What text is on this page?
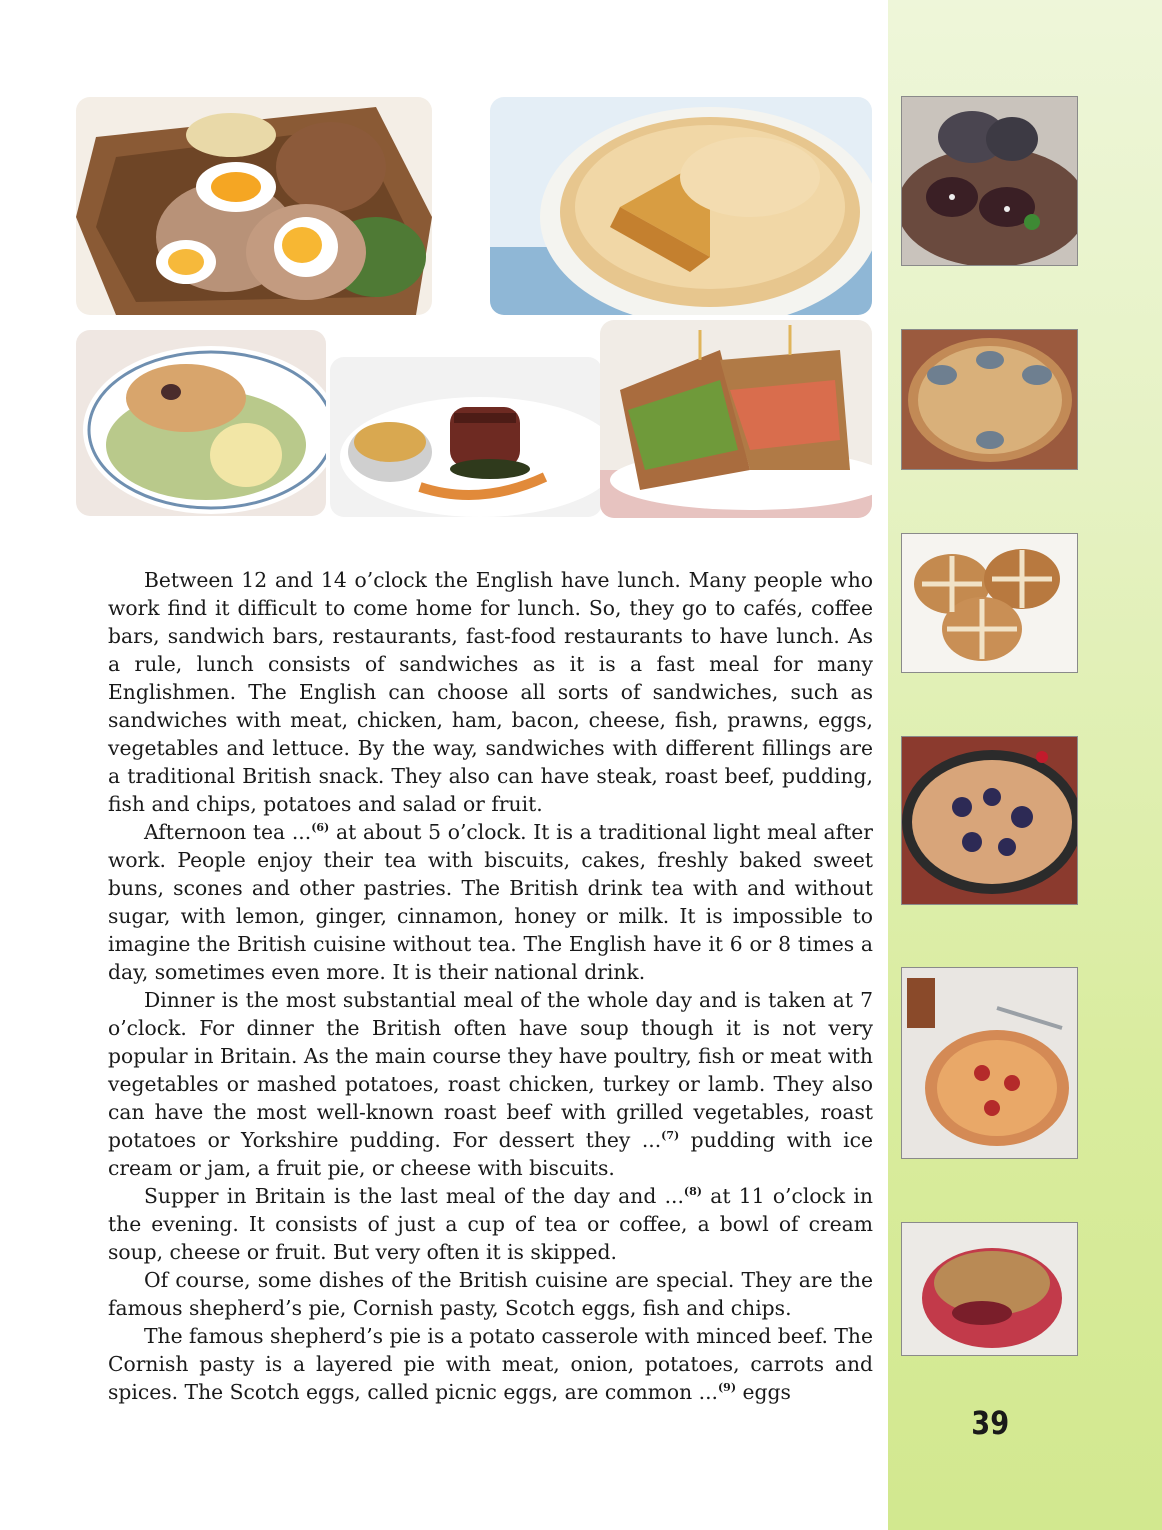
Between 12 and 14 o’clock the English have lunch. Many people who work find it difficult to come home for lunch. So, they go to cafés, coffee bars, sandwich bars, restaurants, fast-food restaurants to have lunch. As a rule, lunch consists of sandwiches as it is a fast meal for many Englishmen. The English can choose all sorts of sandwiches, such as sandwiches with meat, chicken, ham, bacon, cheese, fish, prawns, eggs, vegetables and lettuce. By the way, sandwiches with different fillings are a traditional British snack. They also can have steak, roast beef, pudding, fish and chips, potatoes and salad or fruit.

Afternoon tea ...$^{(6)}$ at about 5 o’clock. It is a traditional light meal after work. People enjoy their tea with biscuits, cakes, freshly baked sweet buns, scones and other pastries. The British drink tea with and without sugar, with lemon, ginger, cinnamon, honey or milk. It is impossible to imagine the British cuisine without tea. The English have it 6 or 8 times a day, sometimes even more. It is their national drink.

Dinner is the most substantial meal of the whole day and is taken at 7 o’clock. For dinner the British often have soup though it is not very popular in Britain. As the main course they have poultry, fish or meat with vegetables or mashed potatoes, roast chicken, turkey or lamb. They also can have the most well-known roast beef with grilled vegetables, roast potatoes or Yorkshire pudding. For dessert they ...$^{(7)}$ pudding with ice cream or jam, a fruit pie, or cheese with biscuits.

Supper in Britain is the last meal of the day and ...$^{(8)}$ at 11 o’clock in the evening. It consists of just a cup of tea or coffee, a bowl of cream soup, cheese or fruit. But very often it is skipped.

Of course, some dishes of the British cuisine are special. They are the famous shepherd’s pie, Cornish pasty, Scotch eggs, fish and chips.

The famous shepherd’s pie is a potato casserole with minced beef. The Cornish pasty is a layered pie with meat, onion, potatoes, carrots and spices. The Scotch eggs, called picnic eggs, are common ...$^{(9)}$ eggs

39
